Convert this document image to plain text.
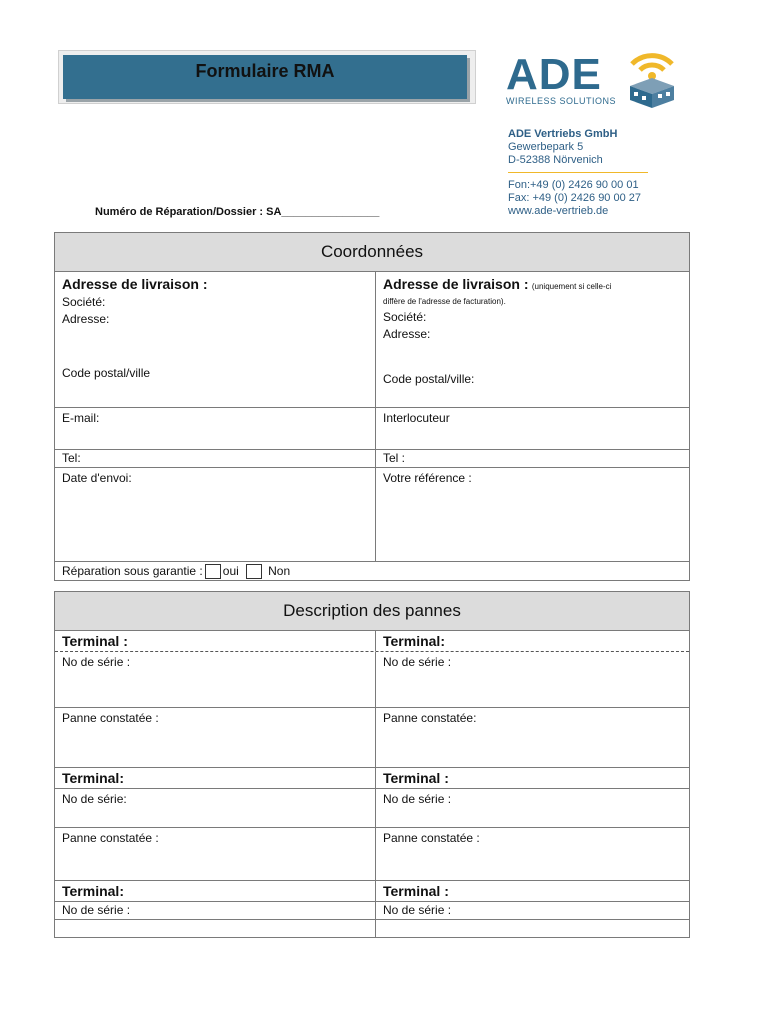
Formulaire RMA	ADE
WIRELESS SOLUTIONS
ADE Vertriebs GmbH
Gewerbepark 5
D-52388 Nörvenich
Fon:+49 (0) 2426 90 00 01
Fax: +49 (0) 2426 90 00 27
www.ade-vertrieb.de
Numéro de Réparation/Dossier : SA________________
Coordonnées
Adresse de livraison :
Société:
Adresse:
Code postal/ville
Adresse de livraison : (uniquement si celle-ci
diffère de l'adresse de facturation).
Société:
Adresse:
Code postal/ville:
E-mail:	Interlocuteur
Tel:	Tel :
Date d'envoi:	Votre référence :
Réparation sous garantie : oui Non
Description des pannes
Terminal :	Terminal:
No de série :	No de série :
Panne constatée :	Panne constatée:
Terminal:	Terminal :
No de série:	No de série :
Panne constatée :	Panne constatée :
Terminal:	Terminal :
No de série :	No de série :
